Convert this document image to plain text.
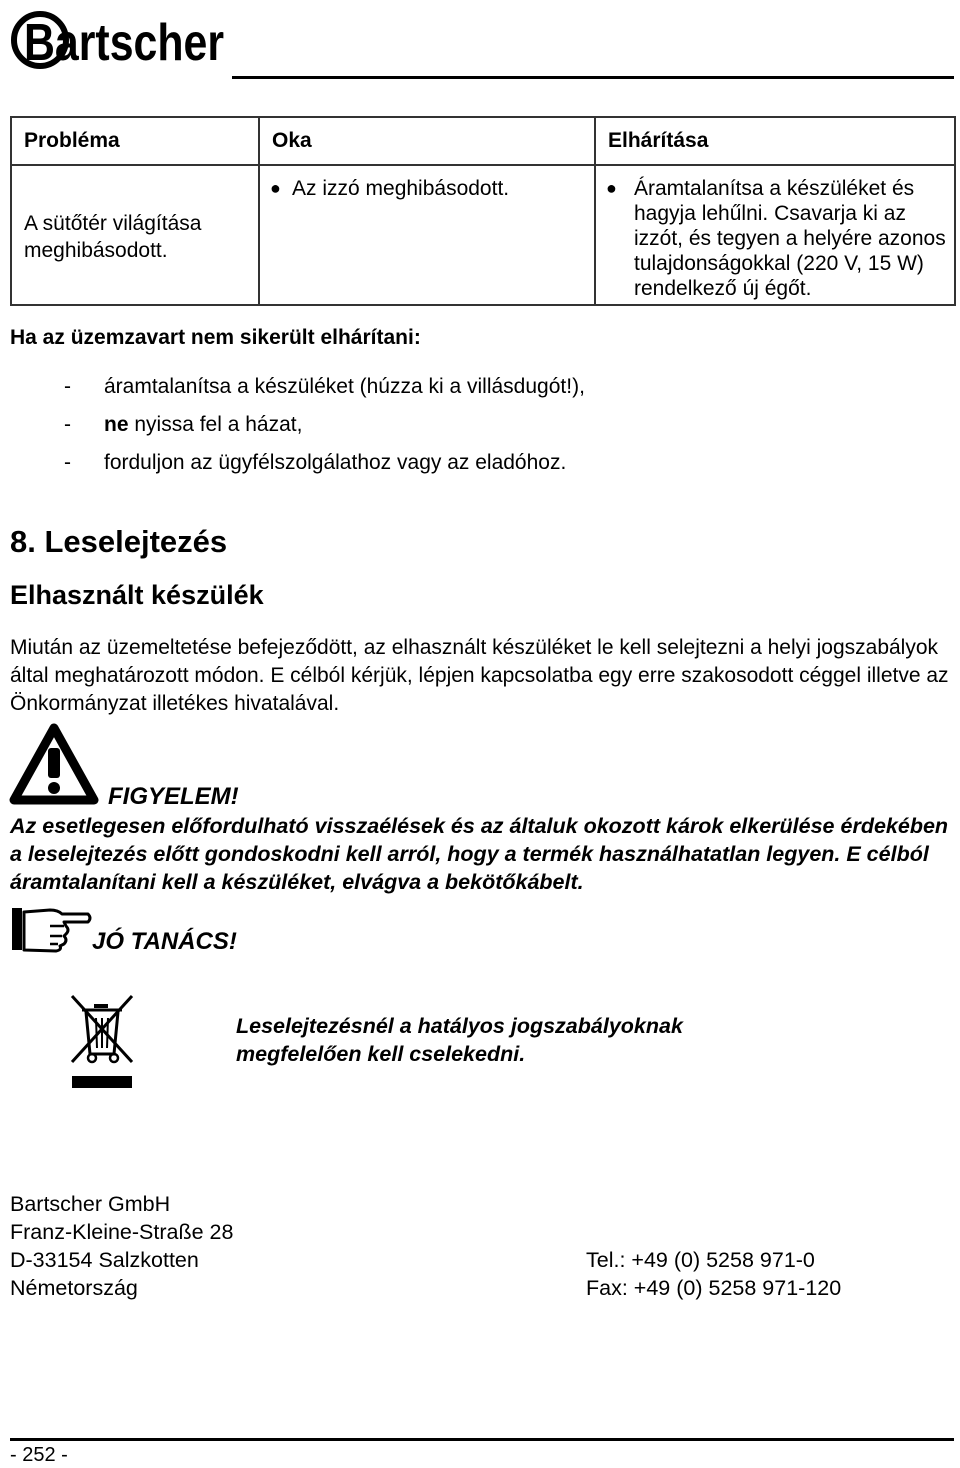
Bartscher
Probléma	Oka	Elhárítása
A sütőtér világítása meghibásodott.	● Az izzó meghibásodott.	● Áramtalanítsa a készüléket és hagyja lehűlni. Csavarja ki az izzót, és tegyen a helyére azonos tulajdonságokkal (220 V, 15 W) rendelkező új égőt.
Ha az üzemzavart nem sikerült elhárítani:
-	áramtalanítsa a készüléket (húzza ki a villásdugót!),
-	ne nyissa fel a házat,
-	forduljon az ügyfélszolgálathoz vagy az eladóhoz.
8. Leselejtezés
Elhasznált készülék
Miután az üzemeltetése befejeződött, az elhasznált készüléket le kell selejtezni a helyi jogszabályok által meghatározott módon. E célból kérjük, lépjen kapcsolatba egy erre szakosodott céggel illetve az Önkormányzat illetékes hivatalával.
FIGYELEM!
Az esetlegesen előfordulható visszaélések és az általuk okozott károk elkerülése érdekében a leselejtezés előtt gondoskodni kell arról, hogy a termék használhatatlan legyen. E célból áramtalanítani kell a készüléket, elvágva a bekötőkábelt.
JÓ TANÁCS!
Leselejtezésnél a hatályos jogszabályoknak
megfelelően kell cselekedni.
Bartscher GmbH
Franz-Kleine-Straße 28
D-33154 Salzkotten
Németország
Tel.: +49 (0) 5258 971-0
Fax: +49 (0) 5258 971-120
- 252 -
